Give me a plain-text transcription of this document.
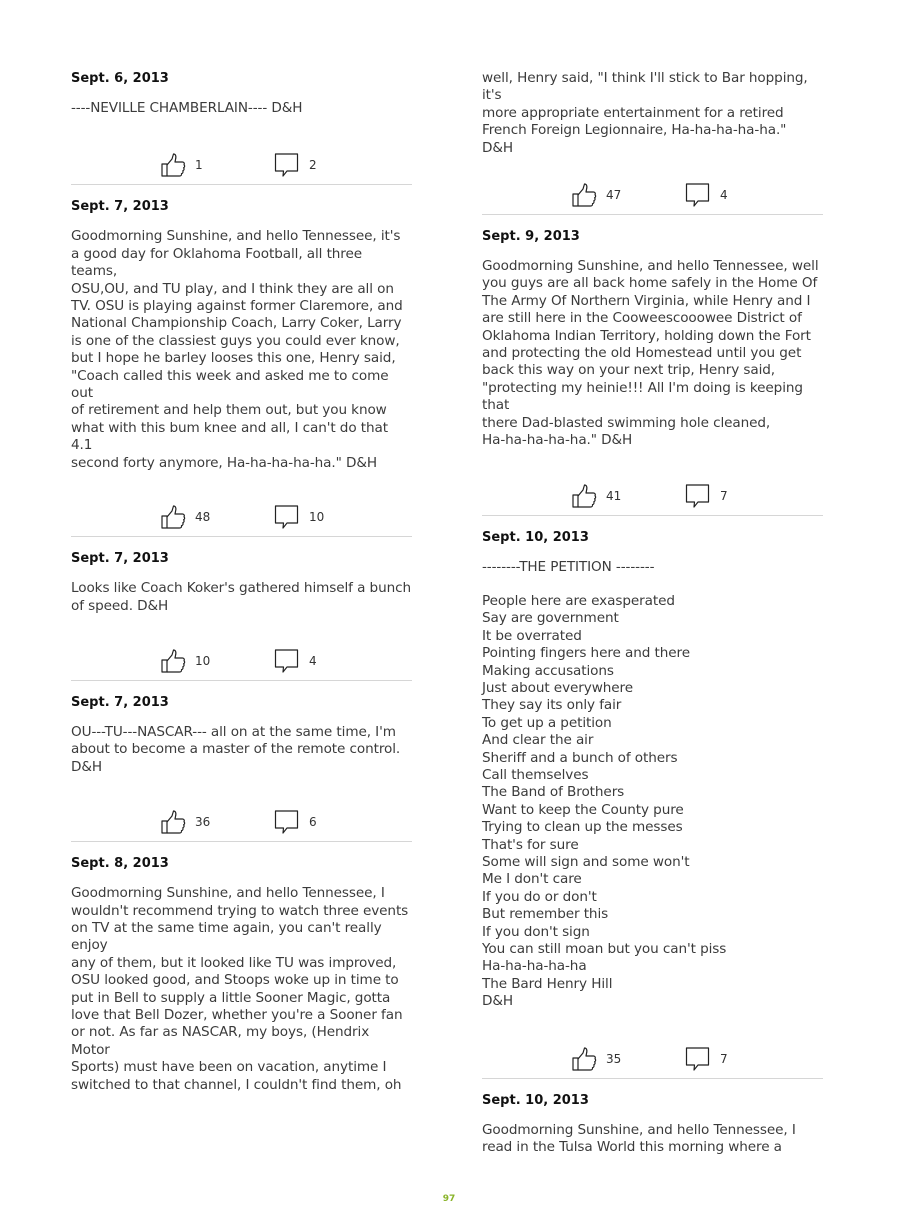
Sept. 6, 2013

----NEVILLE CHAMBERLAIN---- D&H

1	2
Sept. 7, 2013

Goodmorning Sunshine, and hello Tennessee, it's
a good day for Oklahoma Football, all three teams,
OSU,OU, and TU play, and I think they are all on
TV. OSU is playing against former Claremore, and
National Championship Coach, Larry Coker, Larry
is one of the classiest guys you could ever know,
but I hope he barley looses this one, Henry said,
"Coach called this week and asked me to come out
of retirement and help them out, but you know
what with this bum knee and all, I can't do that 4.1
second forty anymore, Ha-ha-ha-ha-ha." D&H

48	10
Sept. 7, 2013

Looks like Coach Koker's gathered himself a bunch
of speed. D&H

10	4
Sept. 7, 2013

OU---TU---NASCAR--- all on at the same time, I'm
about to become a master of the remote control.
D&H

36	6
Sept. 8, 2013

Goodmorning Sunshine, and hello Tennessee, I
wouldn't recommend trying to watch three events
on TV at the same time again, you can't really enjoy
any of them, but it looked like TU was improved,
OSU looked good, and Stoops woke up in time to
put in Bell to supply a little Sooner Magic, gotta
love that Bell Dozer, whether you're a Sooner fan
or not. As far as NASCAR, my boys, (Hendrix Motor
Sports) must have been on vacation, anytime I
switched to that channel, I couldn't find them, oh

well, Henry said, "I think I'll stick to Bar hopping, it's
more appropriate entertainment for a retired
French Foreign Legionnaire, Ha-ha-ha-ha-ha."
D&H

47	4
Sept. 9, 2013

Goodmorning Sunshine, and hello Tennessee, well
you guys are all back home safely in the Home Of
The Army Of Northern Virginia, while Henry and I
are still here in the Cooweescooowee District of
Oklahoma Indian Territory, holding down the Fort
and protecting the old Homestead until you get
back this way on your next trip, Henry said,
"protecting my heinie!!! All I'm doing is keeping that
there Dad-blasted swimming hole cleaned,
Ha-ha-ha-ha-ha." D&H

41	7
Sept. 10, 2013

--------THE PETITION --------

People here are exasperated
Say are government
It be overrated
Pointing fingers here and there
Making accusations
Just about everywhere
They say its only fair
To get up a petition
And clear the air
Sheriff and a bunch of others
Call themselves
The Band of Brothers
Want to keep the County pure
Trying to clean up the messes
That's for sure
Some will sign and some won't
Me I don't care
If you do or don't
But remember this
If you don't sign
You can still moan but you can't piss
Ha-ha-ha-ha-ha
The Bard Henry Hill
D&H

35	7
Sept. 10, 2013

Goodmorning Sunshine, and hello Tennessee, I
read in the Tulsa World this morning where a

97
